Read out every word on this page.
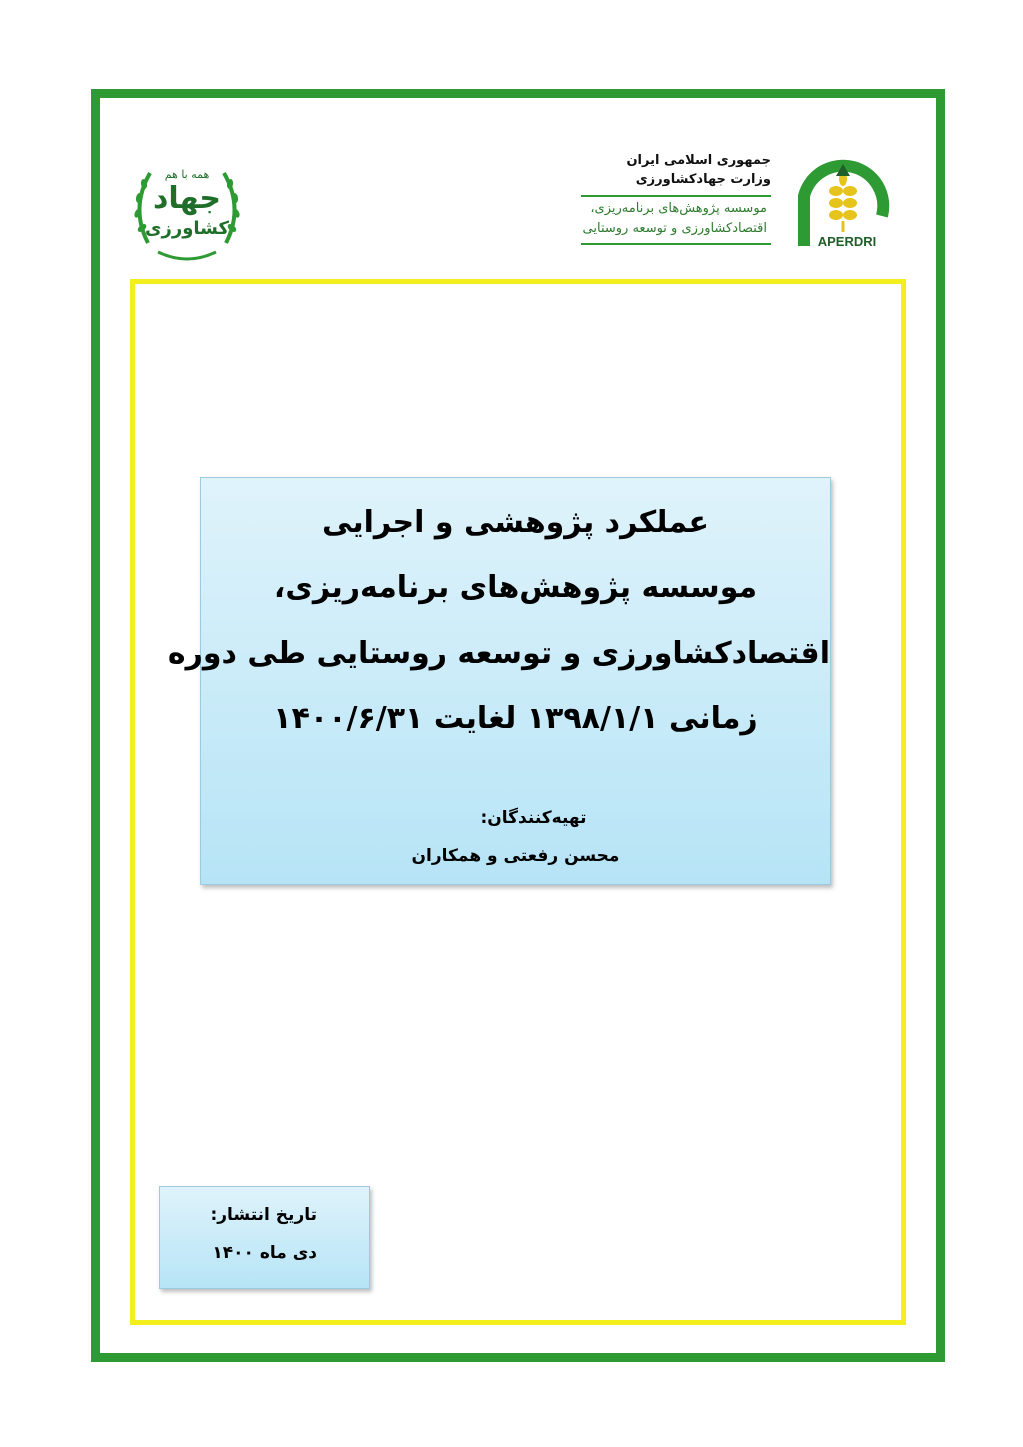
همه با هم
جهاد
کشاورزی
جمهوری اسلامی ایران
وزارت جهادکشاورزی
موسسه پژوهش‌های برنامه‌ریزی،
اقتصادکشاورزی و توسعه روستایی
APERDRI
عملکرد پژوهشی و اجرایی
موسسه پژوهش‌های برنامه‌ریزی،
اقتصادکشاورزی و توسعه روستایی طی دوره
زمانی ۱۳۹۸/۱/۱ لغایت ۱۴۰۰/۶/۳۱
تهیه‌کنندگان:
محسن رفعتی و همکاران
تاریخ انتشار:
دی ماه ۱۴۰۰
